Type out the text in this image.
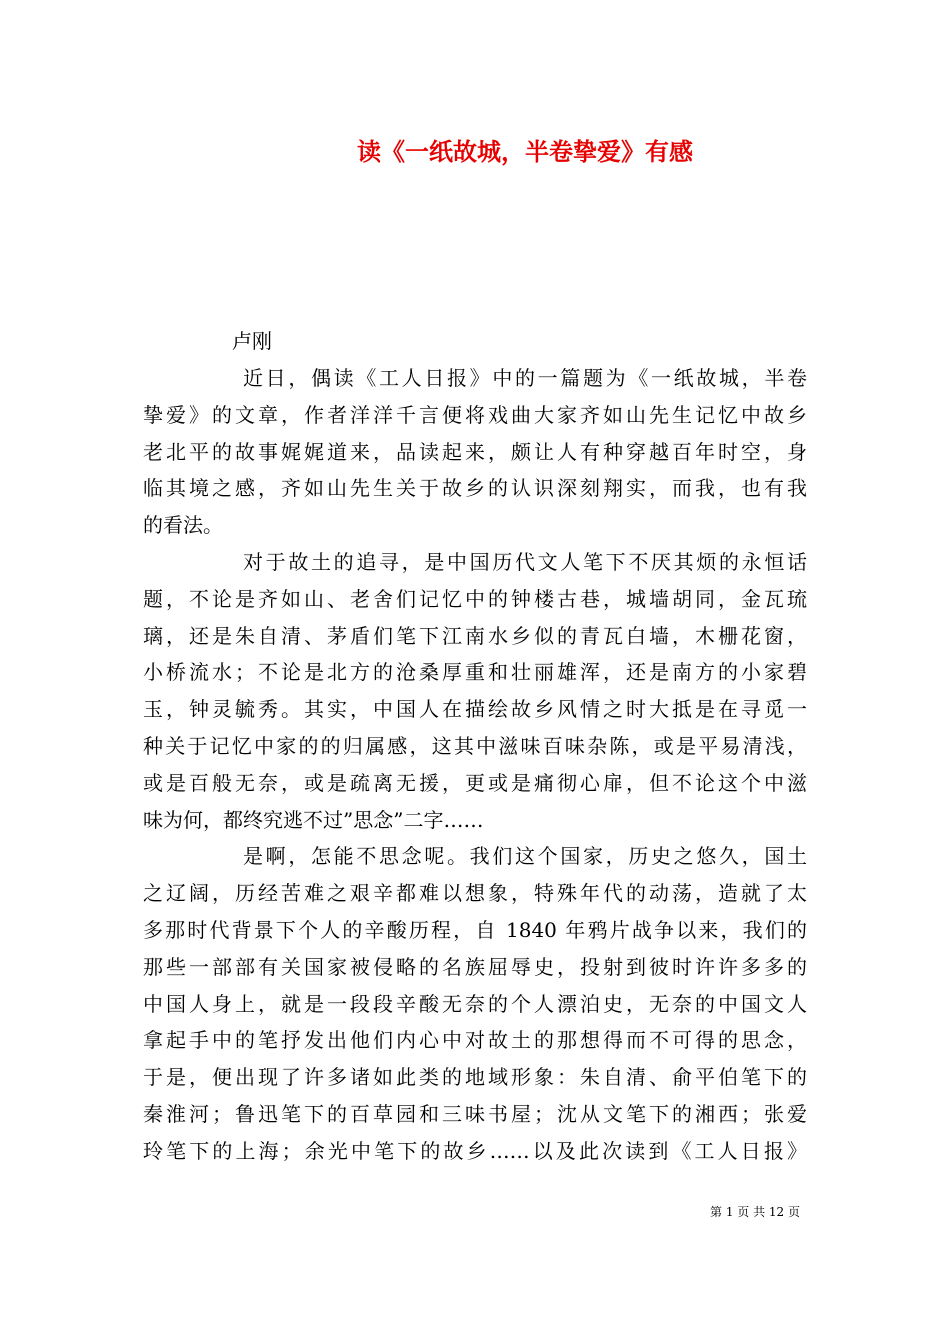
读《一纸故城，半卷挚爱》有感
卢刚
近日，偶读《工人日报》中的一篇题为《一纸故城，半卷
挚爱》的文章，作者洋洋千言便将戏曲大家齐如山先生记忆中故乡
老北平的故事娓娓道来，品读起来，颇让人有种穿越百年时空，身
临其境之感，齐如山先生关于故乡的认识深刻翔实，而我，也有我
的看法。
对于故土的追寻，是中国历代文人笔下不厌其烦的永恒话
题，不论是齐如山、老舍们记忆中的钟楼古巷，城墙胡同，金瓦琉
璃，还是朱自清、茅盾们笔下江南水乡似的青瓦白墙，木栅花窗，
小桥流水；不论是北方的沧桑厚重和壮丽雄浑，还是南方的小家碧
玉，钟灵毓秀。其实，中国人在描绘故乡风情之时大抵是在寻觅一
种关于记忆中家的的归属感，这其中滋味百味杂陈，或是平易清浅，
或是百般无奈，或是疏离无援，更或是痛彻心扉，但不论这个中滋
味为何，都终究逃不过”思念”二字……
是啊，怎能不思念呢。我们这个国家，历史之悠久，国土
之辽阔，历经苦难之艰辛都难以想象，特殊年代的动荡，造就了太
多那时代背景下个人的辛酸历程，自 1840 年鸦片战争以来，我们的
那些一部部有关国家被侵略的名族屈辱史，投射到彼时许许多多的
中国人身上，就是一段段辛酸无奈的个人漂泊史，无奈的中国文人
拿起手中的笔抒发出他们内心中对故土的那想得而不可得的思念，
于是，便出现了许多诸如此类的地域形象：朱自清、俞平伯笔下的
秦淮河；鲁迅笔下的百草园和三味书屋；沈从文笔下的湘西；张爱
玲笔下的上海；余光中笔下的故乡……以及此次读到《工人日报》
第 1 页 共 12 页
